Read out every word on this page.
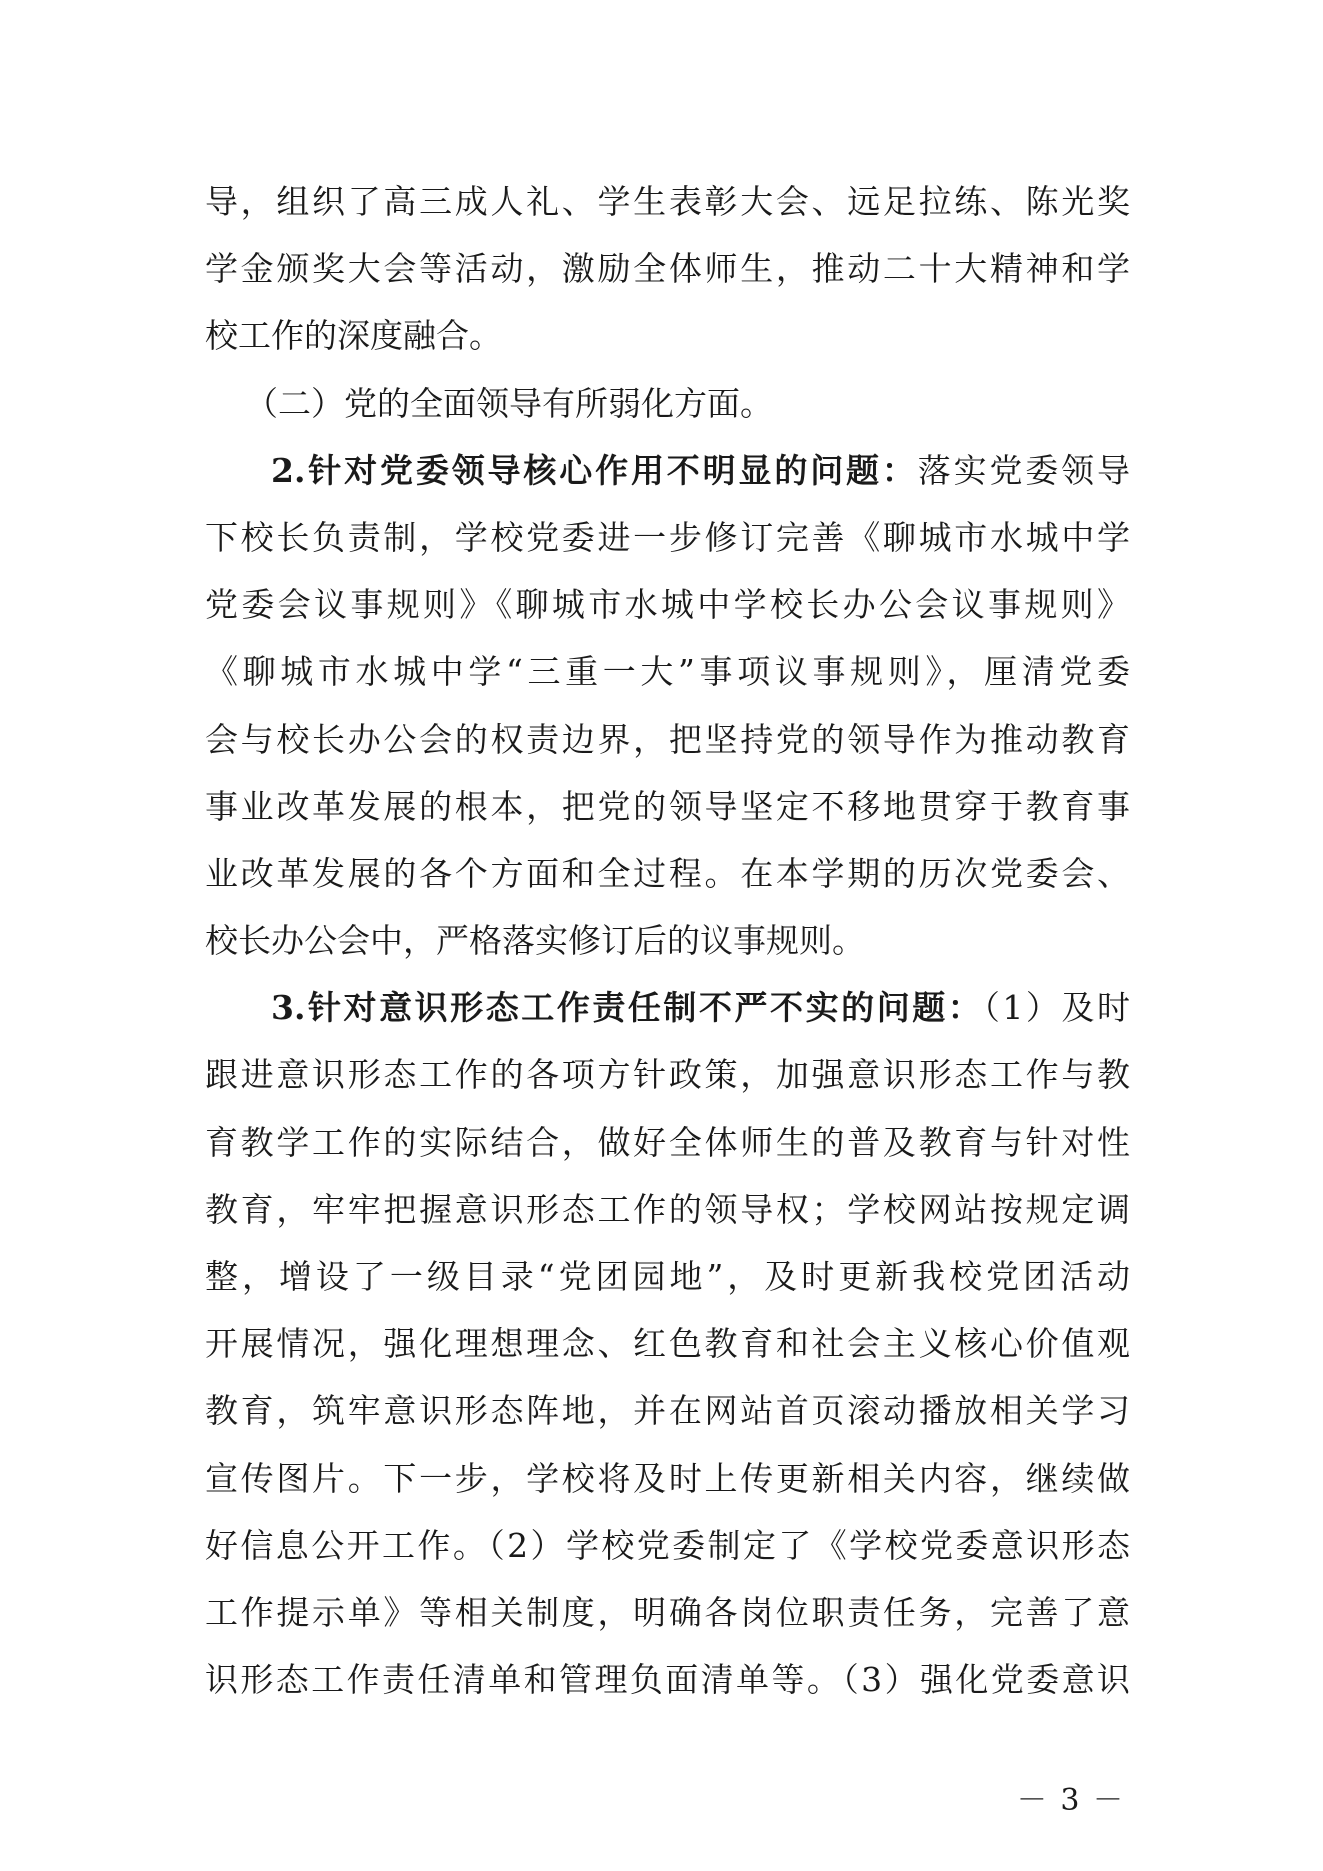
导，组织了高三成人礼、学生表彰大会、远足拉练、陈光奖
学金颁奖大会等活动，激励全体师生，推动二十大精神和学
校工作的深度融合。
（二）党的全面领导有所弱化方面。
2.针对党委领导核心作用不明显的问题：落实党委领导
下校长负责制，学校党委进一步修订完善《聊城市水城中学
党委会议事规则》《聊城市水城中学校长办公会议事规则》
《聊城市水城中学“三重一大”事项议事规则》，厘清党委
会与校长办公会的权责边界，把坚持党的领导作为推动教育
事业改革发展的根本，把党的领导坚定不移地贯穿于教育事
业改革发展的各个方面和全过程。在本学期的历次党委会、
校长办公会中，严格落实修订后的议事规则。
3.针对意识形态工作责任制不严不实的问题：（1）及时
跟进意识形态工作的各项方针政策，加强意识形态工作与教
育教学工作的实际结合，做好全体师生的普及教育与针对性
教育，牢牢把握意识形态工作的领导权；学校网站按规定调
整，增设了一级目录“党团园地”，及时更新我校党团活动
开展情况，强化理想理念、红色教育和社会主义核心价值观
教育，筑牢意识形态阵地，并在网站首页滚动播放相关学习
宣传图片。下一步，学校将及时上传更新相关内容，继续做
好信息公开工作。（2）学校党委制定了《学校党委意识形态
工作提示单》等相关制度，明确各岗位职责任务，完善了意
识形态工作责任清单和管理负面清单等。（3）强化党委意识
－ 3 －
